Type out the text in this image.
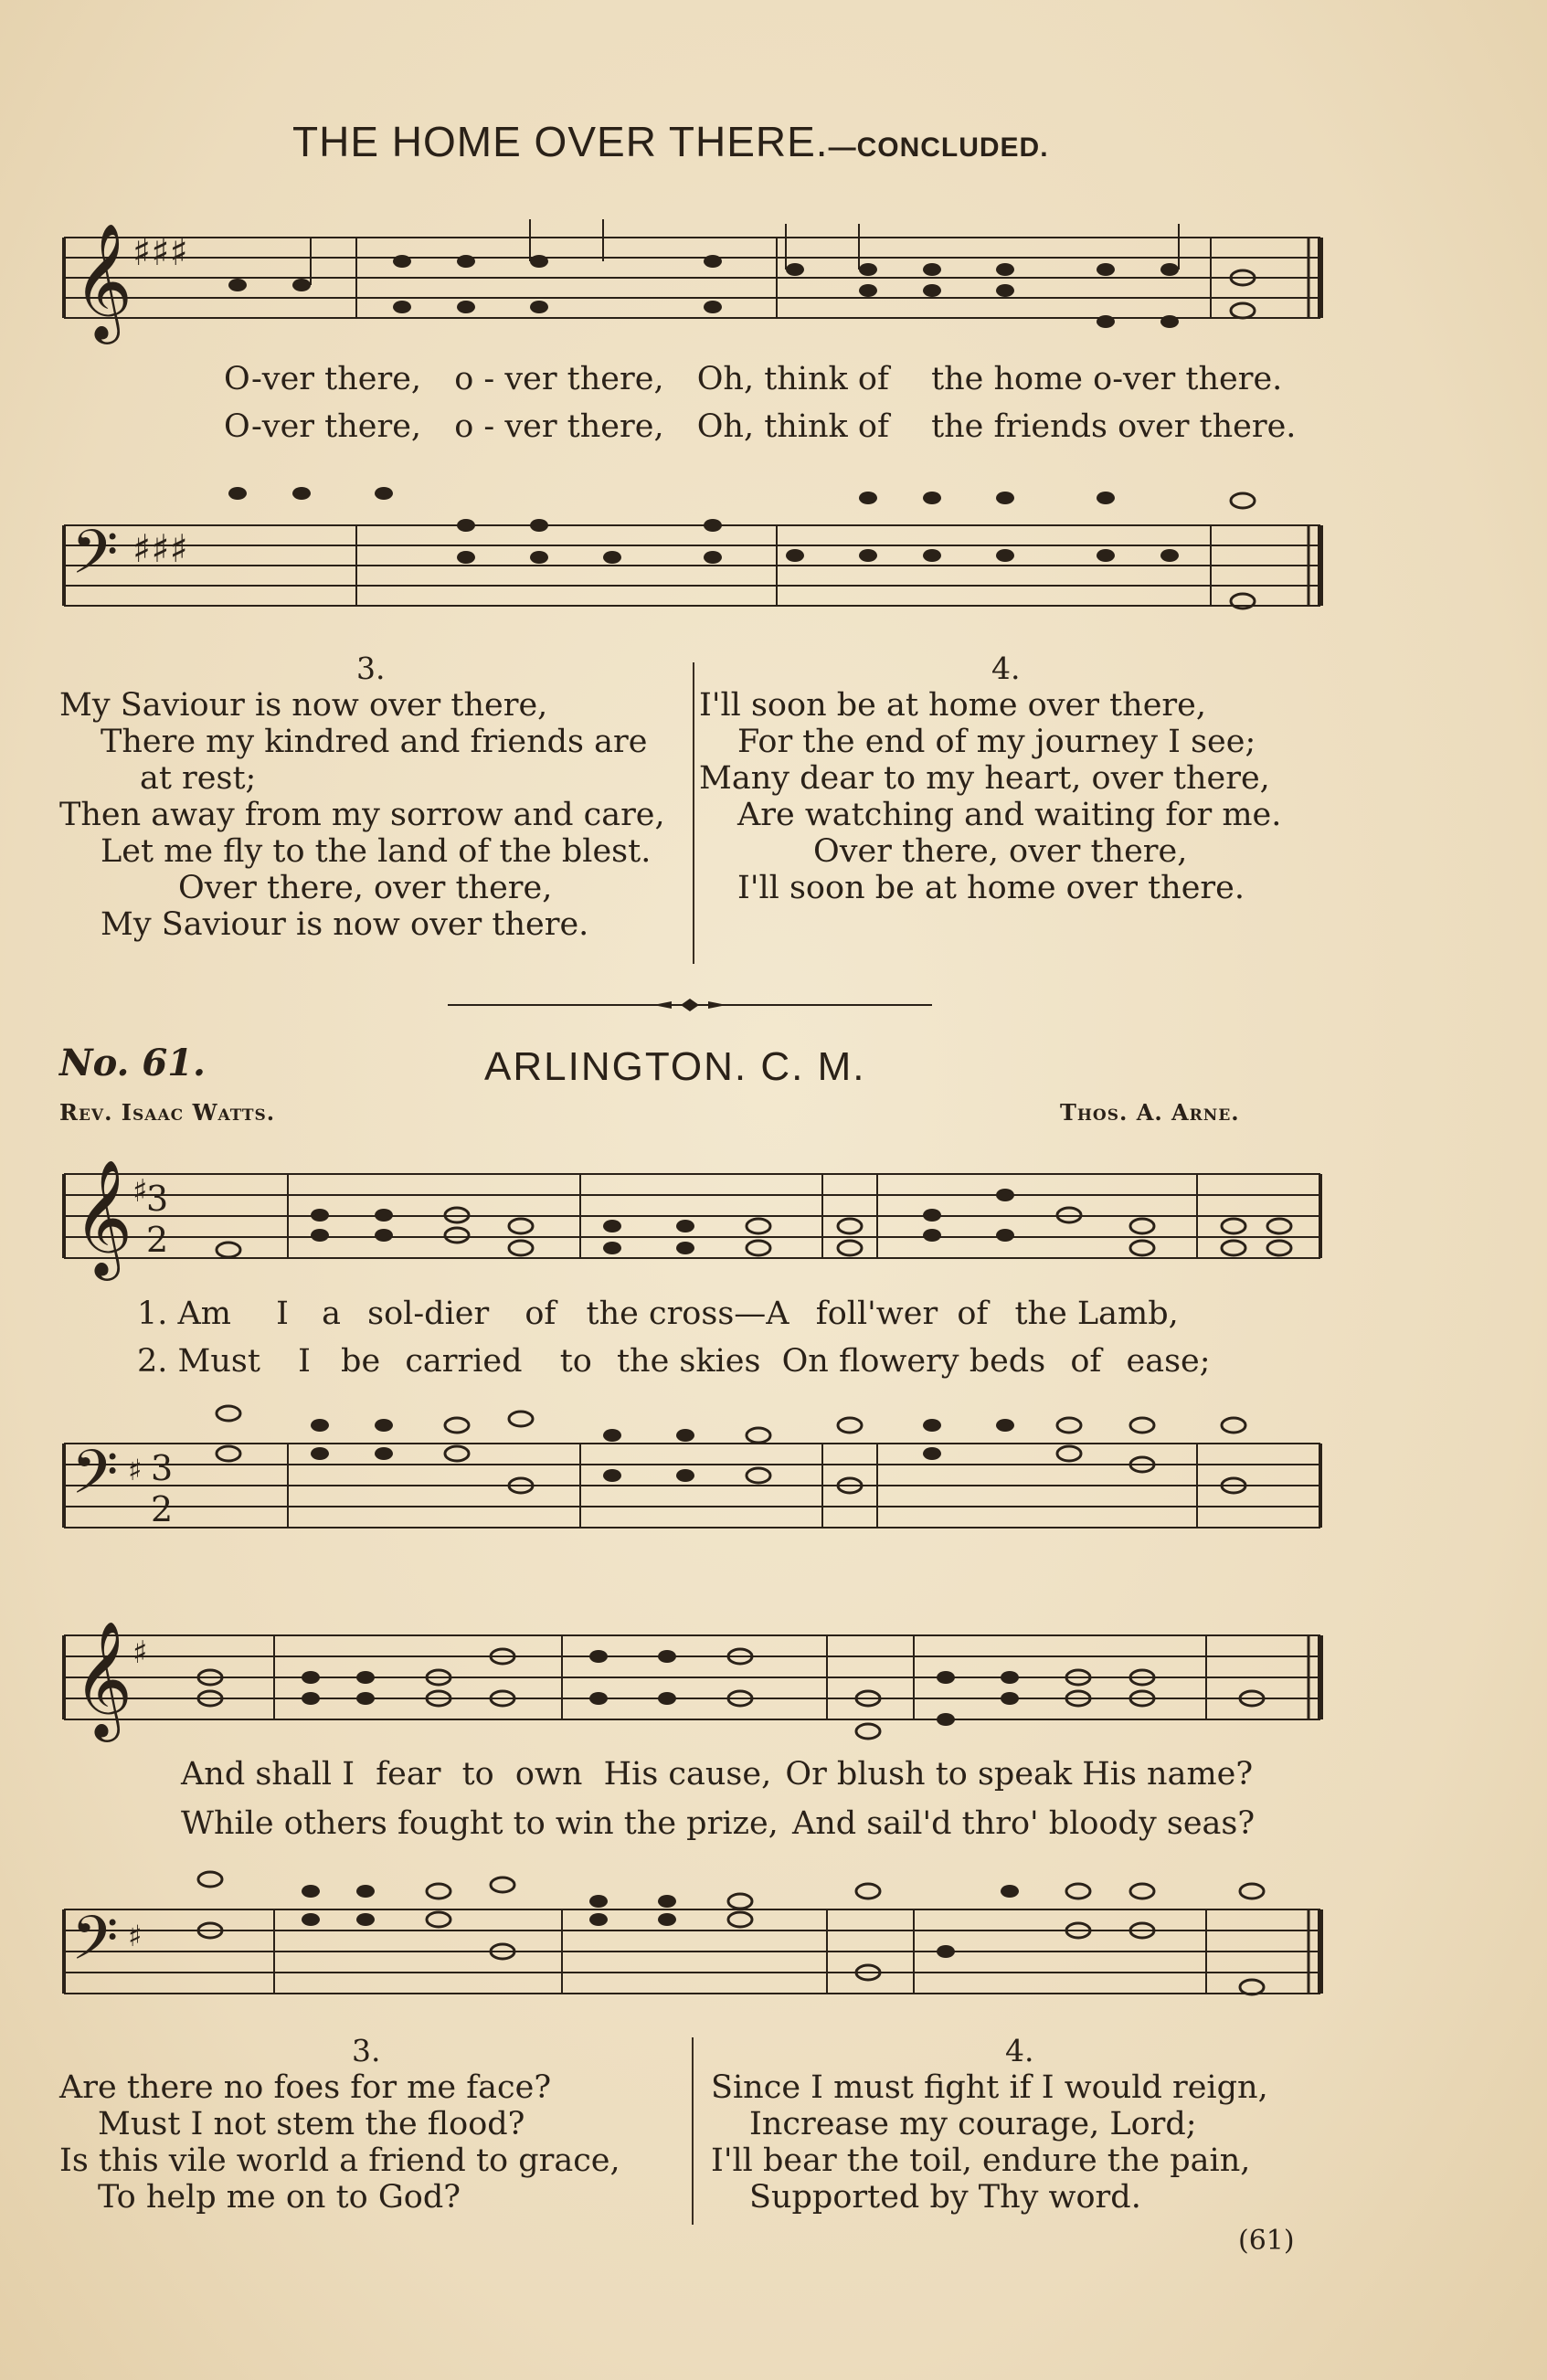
THE HOME OVER THERE.—CONCLUDED.
𝄞 ♯♯♯
O-ver there, o - ver there, Oh, think of the home o-ver there.
O-ver there, o - ver there, Oh, think of the friends over there.
𝄢 ♯♯♯
3.	4.
My Saviour is now over there,
There my kindred and friends are
at rest;
Then away from my sorrow and care,
Let me fly to the land of the blest.
Over there, over there,
My Saviour is now over there.
I'll soon be at home over there,
For the end of my journey I see;
Many dear to my heart, over there,
Are watching and waiting for me.
Over there, over there,
I'll soon be at home over there.
No. 61.	ARLINGTON. C. M.
Rev. Isaac Watts.	Thos. A. Arne.
𝄞 ♯
3
2
1. Am I a sol-dier of the cross—A foll'wer of the Lamb,
2. Must I be carried to the skies On flowery beds of ease;
𝄢 ♯ 3
2
𝄞 ♯
And shall I fear to own His cause, Or blush to speak His name?
While others fought to win the prize, And sail'd thro' bloody seas?
𝄢 ♯
3.	4.
Are there no foes for me face?
Must I not stem the flood?
Is this vile world a friend to grace,
To help me on to God?
Since I must fight if I would reign,
Increase my courage, Lord;
I'll bear the toil, endure the pain,
Supported by Thy word.
(61)
